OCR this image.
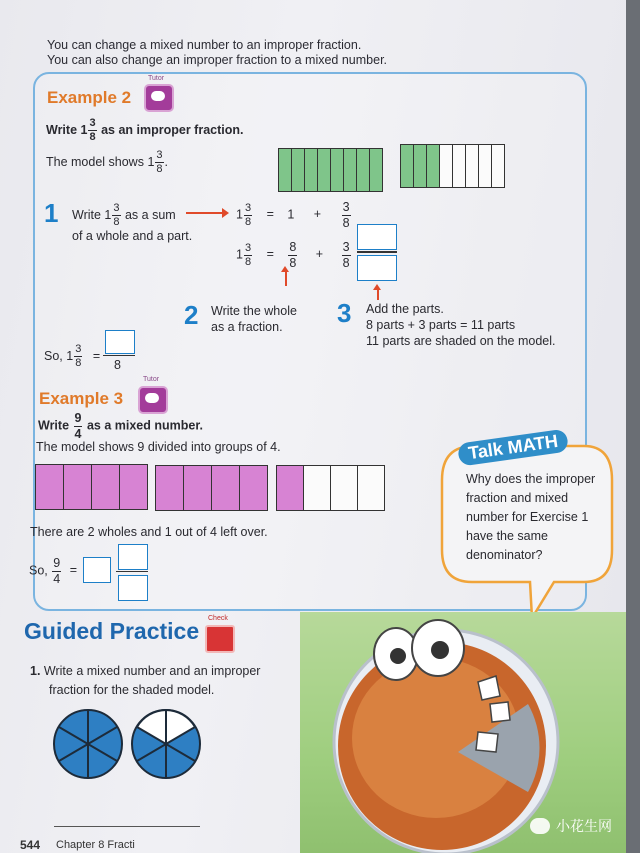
You can change a mixed number to an improper fraction.
You can also change an improper fraction to a mixed number.
Example 2
Tutor
Write $1 \frac{3}{8}$ as an improper fraction.
The model shows $1 \frac{3}{8}$ .
1 Write $1 \frac{3}{8}$ as a sum
of a whole and a part.
$1 \frac{3}{8} = 1 + \frac{3}{8}$
$1 \frac{3}{8} = \frac{8}{8} + \frac{3}{8}$
2 Write the whole
as a fraction. 3 Add the parts.
8 parts + 3 parts = 11 parts
11 parts are shaded on the model.
So, $1 \frac{3}{8}$ =
8
Example 3
Tutor
Write $\frac{9}{4}$ as a mixed number.
The model shows 9 divided into groups of 4.
There are 2 wholes and 1 out of 4 left over.
So, $\frac{9}{4}$ =
Talk MATH
Why does the improper fraction and mixed number for Exercise 1 have the same denominator?
Guided Practice Check
1. Write a mixed number and an improper
fraction for the shaded model.
544 Chapter 8 Fracti
小花生网
